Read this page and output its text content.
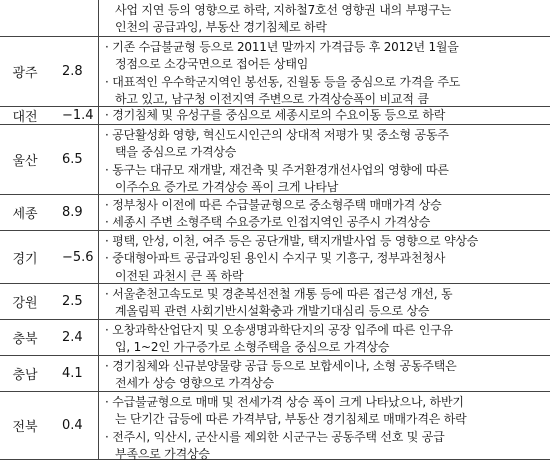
사업 지연 등의 영향으로 하락, 지하철7호선 영향권 내의 부평구는
인천의 공급과잉, 부동산 경기침체로 하락
광주	2.8
· 기존 수급불균형 등으로 2011년 말까지 가격급등 후 2012년 1월을
정점으로 소강국면으로 접어든 상태임
· 대표적인 우수학군지역인 봉선동, 진월동 등을 중심으로 가격을 주도
하고 있고, 남구청 이전지역 주변으로 가격상승폭이 비교적 큼
대전	−1.4 · 경기침체 및 유성구를 중심으로 세종시로의 수요이동 등으로 하락
울산	6.5
· 공단활성화 영향, 혁신도시인근의 상대적 저평가 및 중소형 공동주
택을 중심으로 가격상승
· 동구는 대규모 재개발, 재건축 및 주거환경개선사업의 영향에 따른
이주수요 증가로 가격상승 폭이 크게 나타남
세종	8.9	· 정부청사 이전에 따른 수급불균형으로 중소형주택 매매가격 상승
· 세종시 주변 소형주택 수요증가로 인접지역인 공주시 가격상승
경기	−5.6
· 평택, 안성, 이천, 여주 등은 공단개발, 택지개발사업 등 영향으로 약상승
· 중대형아파트 공급과잉된 용인시 수지구 및 기흥구, 정부과천청사
이전된 과천시 큰 폭 하락
강원	2.5	· 서울춘천고속도로 및 경춘복선전철 개통 등에 따른 접근성 개선, 동
계올림픽 관련 사회기반시설확충과 개발기대심리 등으로 상승
충북	2.4	· 오창과학산업단지 및 오송생명과학단지의 공장 입주에 따른 인구유
입, 1~2인 가구증가로 소형주택을 중심으로 가격상승
충남	4.1	· 경기침체와 신규분양물량 공급 등으로 보합세이나, 소형 공동주택은
전세가 상승 영향으로 가격상승
전북	0.4
· 수급불균형으로 매매 및 전세가격 상승 폭이 크게 나타났으나, 하반기
는 단기간 급등에 따른 가격부담, 부동산 경기침체로 매매가격은 하락
· 전주시, 익산시, 군산시를 제외한 시군구는 공동주택 선호 및 공급
부족으로 가격상승
